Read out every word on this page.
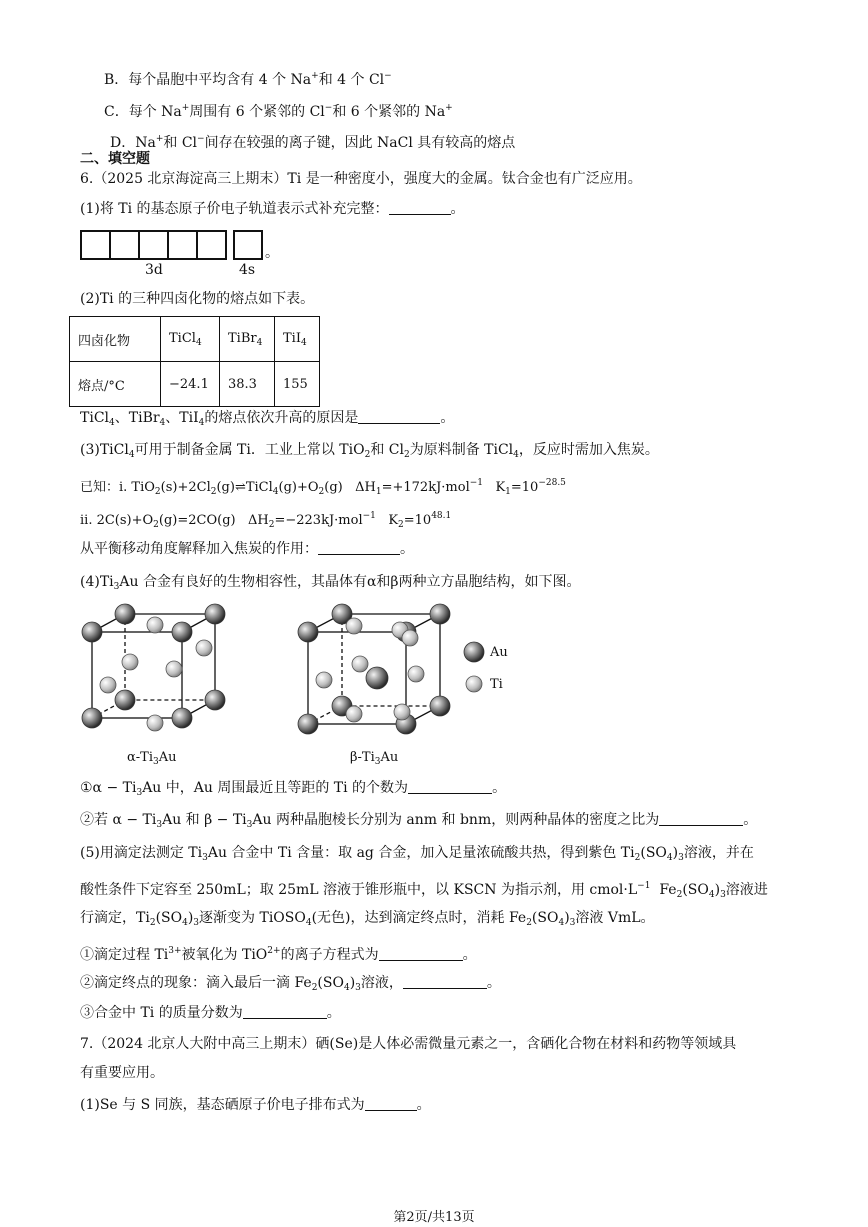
B．每个晶胞中平均含有 4 个 Na+和 4 个 Cl−
C．每个 Na+周围有 6 个紧邻的 Cl−和 6 个紧邻的 Na+
D．Na+和 Cl−间存在较强的离子键，因此 NaCl 具有较高的熔点
二、填空题
6.（2025 北京海淀高三上期末）Ti 是一种密度小，强度大的金属。钛合金也有广泛应用。
(1)将 Ti 的基态原子价电子轨道表示式补充完整：	。
。
3d	4s
(2)Ti 的三种四卤化物的熔点如下表。
四卤化物	TiCl$_4$	TiBr$_4$	TiI$_4$
熔点/°C	−24.1	38.3	155
TiCl$_4$、TiBr$_4$、TiI$_4$的熔点依次升高的原因是	。
(3)TiCl$_4$可用于制备金属 Ti．工业上常以 TiO$_2$和 $Cl_2$为原料制备 TiCl$_4$，反应时需加入焦炭。
已知：i. $TiO_2(s)+2Cl_2(g)\rightleftharpoons TiCl_4(g)+O_2(g)$ $\Delta H_1=+172kJ\cdot mol^{-1}$ $K_1=10^{-28.5}$
ii. $2C(s)+O_2(g)=2CO(g)$ $\Delta H_2=-223kJ\cdot mol^{-1}$ $K_2=10^{48.1}$
从平衡移动角度解释加入焦炭的作用：	。
$(4)Ti_3Au$ 合金有良好的生物相容性，其晶体有α和β两种立方晶胞结构，如下图。
Au
Ti
$\alpha-Ti_3Au$	$\beta-Ti_3Au$
①α − $Ti_3Au$ 中，Au 周围最近且等距的 Ti 的个数为	。
②若 $\alpha - Ti_3Au$ 和 $\beta - Ti_3Au$ 两种晶胞棱长分别为 anm 和 bnm，则两种晶体的密度之比为	。
(5)用滴定法测定 $Ti_3Au$ 合金中 Ti 含量：取 ag 合金，加入足量浓硫酸共热，得到紫色 $Ti_2(SO_4)_3$溶液，并在
酸性条件下定容至 250mL；取 25mL 溶液于锥形瓶中，以 KSCN 为指示剂，用 $cmol\cdot L^{-1}$ $Fe_2(SO_4)_3$溶液进
行滴定，$Ti_2(SO_4)_3$逐渐变为 TiOSO$_4$(无色)，达到滴定终点时，消耗 $Fe_2(SO_4)_3$溶液 VmL。
①滴定过程 $Ti^{3+}$被氧化为 TiO$^{2+}$的离子方程式为	。
②滴定终点的现象：滴入最后一滴 $Fe_2(SO_4)_3$溶液，	。
③合金中 Ti 的质量分数为	。
7.（2024 北京人大附中高三上期末）硒(Se)是人体必需微量元素之一，含硒化合物在材料和药物等领域具
有重要应用。
(1)Se 与 S 同族，基态硒原子价电子排布式为	。
第2页/共13页
